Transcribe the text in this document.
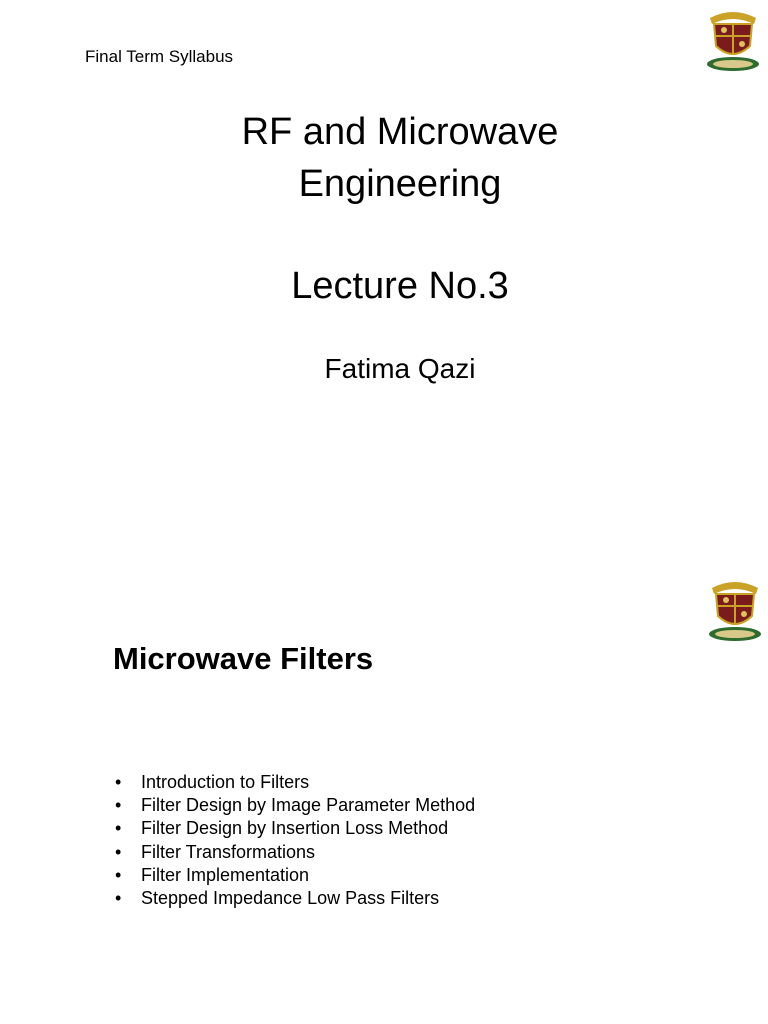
Final Term Syllabus
RF and Microwave
Engineering
Lecture No.3
Fatima Qazi
Microwave Filters
• Introduction to Filters
• Filter Design by Image Parameter Method
• Filter Design by Insertion Loss Method
• Filter Transformations
• Filter Implementation
• Stepped Impedance Low Pass Filters
